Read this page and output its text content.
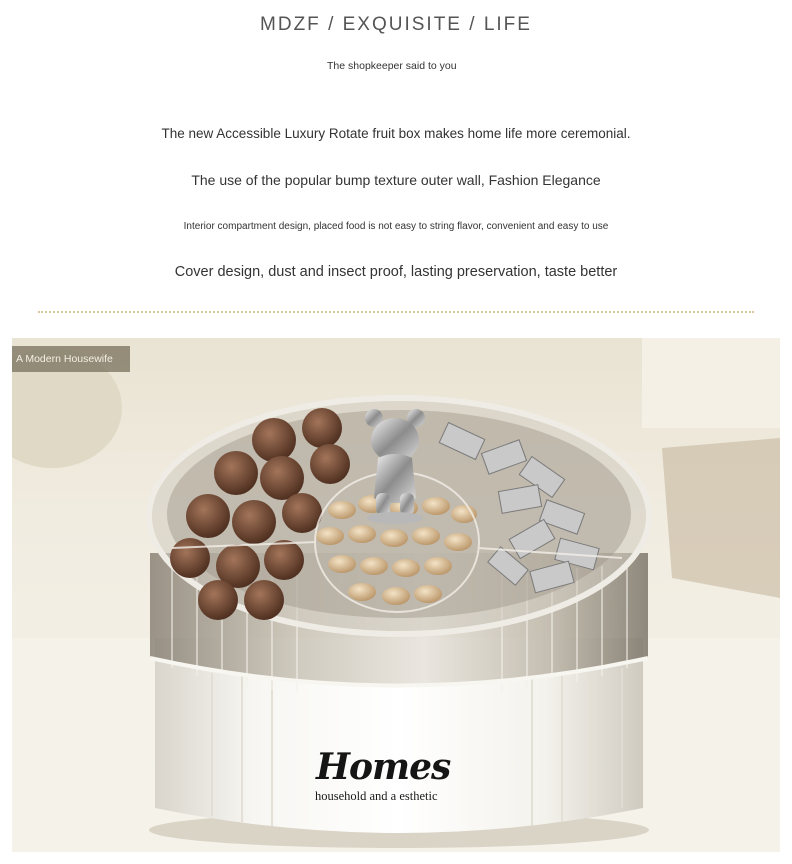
MDZF / EXQUISITE / LIFE
The shopkeeper said to you
The new Accessible Luxury Rotate fruit box makes home life more ceremonial.
The use of the popular bump texture outer wall, Fashion Elegance
Interior compartment design, placed food is not easy to string flavor, convenient and easy to use
Cover design, dust and insect proof, lasting preservation, taste better
A Modern Housewife
Homes
household and a esthetic
